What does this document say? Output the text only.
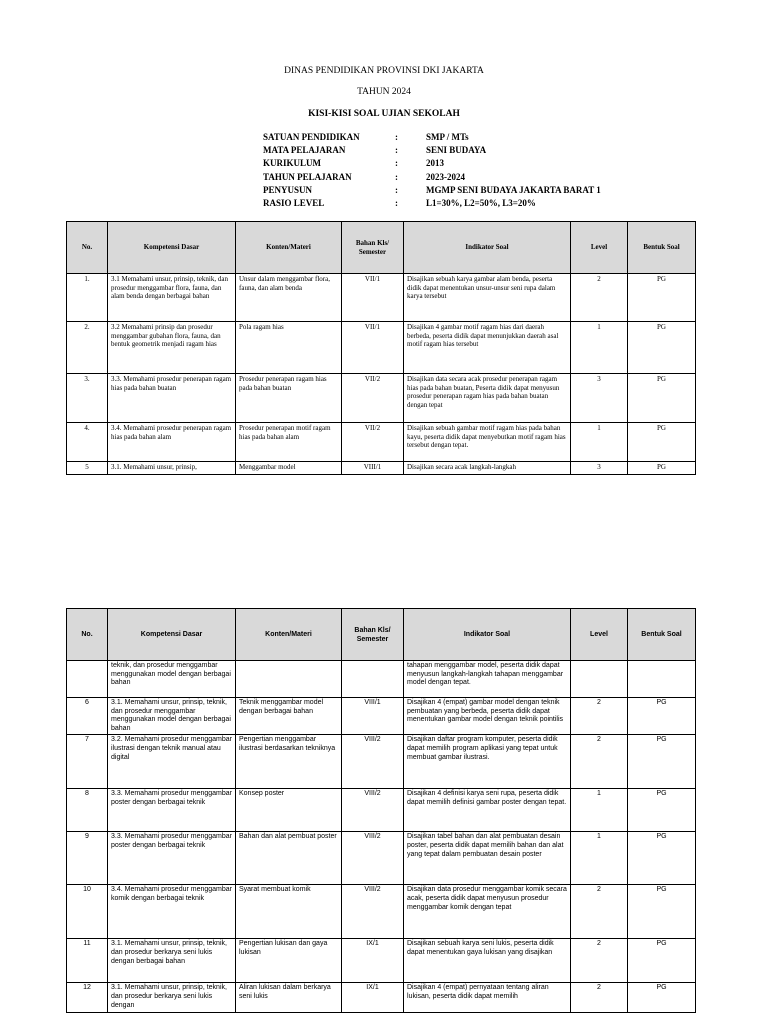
DINAS PENDIDIKAN PROVINSI DKI JAKARTA
TAHUN 2024
KISI-KISI SOAL UJIAN SEKOLAH
SATUAN PENDIDIKAN	:	SMP / MTs
MATA PELAJARAN	:	SENI BUDAYA
KURIKULUM	:	2013
TAHUN PELAJARAN	:	2023-2024
PENYUSUN	:	MGMP SENI BUDAYA JAKARTA BARAT 1
RASIO LEVEL	:	L1=30%, L2=50%, L3=20%
No.	Kompetensi Dasar	Konten/Materi	Bahan Kls/ Semester	Indikator Soal	Level	Bentuk Soal
1.	3.1 Memahami unsur, prinsip, teknik, dan prosedur menggambar flora, fauna, dan alam benda dengan berbagai bahan	Unsur dalam menggambar flora, fauna, dan alam benda	VII/1	Disajikan sebuah karya gambar alam benda, peserta didik dapat menentukan unsur-unsur seni rupa dalam karya tersebut	2	PG
2.	3.2 Memahami prinsip dan prosedur menggambar gubahan flora, fauna, dan bentuk geometrik menjadi ragam hias	Pola ragam hias	VII/1	Disajikan 4 gambar motif ragam hias dari daerah berbeda, peserta didik dapat menunjukkan daerah asal motif ragam hias tersebut	1	PG
3.	3.3. Memahami prosedur penerapan ragam hias pada bahan buatan	Prosedur penerapan ragam hias pada bahan buatan	VII/2	Disajikan data secara acak prosedur penerapan ragam hias pada bahan buatan, Peserta didik dapat menyusun prosedur penerapan ragam hias pada bahan buatan dengan tepat	3	PG
4.	3.4. Memahami prosedur penerapan ragam hias pada bahan alam	Prosedur penerapan motif ragam hias pada bahan alam	VII/2	Disajikan sebuah gambar motif ragam hias pada bahan kayu, peserta didik dapat menyebutkan motif ragam hias tersebut dengan tepat.	1	PG
5	3.1. Memahami unsur, prinsip,	Menggambar model	VIII/1	Disajikan secara acak langkah-langkah	3	PG
No.	Kompetensi Dasar	Konten/Materi	Bahan Kls/ Semester	Indikator Soal	Level	Bentuk Soal
	teknik, dan prosedur menggambar menggunakan model dengan berbagai bahan			tahapan menggambar model, peserta didik dapat menyusun langkah-langkah tahapan menggambar model dengan tepat.		
6	3.1. Memahami unsur, prinsip, teknik, dan prosedur menggambar menggunakan model dengan berbagai bahan	Teknik menggambar model dengan berbagai bahan	VIII/1	Disajikan 4 (empat) gambar model dengan teknik pembuatan yang berbeda, peserta didik dapat menentukan gambar model dengan teknik pointilis	2	PG
7	3.2. Memahami prosedur menggambar ilustrasi dengan teknik manual atau digital	Pengertian menggambar ilustrasi berdasarkan tekniknya	VIII/2	Disajikan daftar program komputer, peserta didik dapat memilih program aplikasi yang tepat untuk membuat gambar ilustrasi.	2	PG
8	3.3. Memahami prosedur menggambar poster dengan berbagai teknik	Konsep poster	VIII/2	Disajikan 4 definisi karya seni rupa, peserta didik dapat memilih definisi gambar poster dengan tepat.	1	PG
9	3.3. Memahami prosedur menggambar poster dengan berbagai teknik	Bahan dan alat pembuat poster	VIII/2	Disajikan tabel bahan dan alat pembuatan desain poster, peserta didik dapat memilih bahan dan alat yang tepat dalam pembuatan desain poster	1	PG
10	3.4. Memahami prosedur menggambar komik dengan berbagai teknik	Syarat membuat komik	VIII/2	Disajikan data prosedur menggambar komik secara acak, peserta didik dapat menyusun prosedur menggambar komik dengan tepat	2	PG
11	3.1. Memahami unsur, prinsip, teknik, dan prosedur berkarya seni lukis dengan berbagai bahan	Pengertian lukisan dan gaya lukisan	IX/1	Disajikan sebuah karya seni lukis, peserta didik dapat menentukan gaya lukisan yang disajikan	2	PG
12	3.1. Memahami unsur, prinsip, teknik, dan prosedur berkarya seni lukis dengan	Aliran lukisan dalam berkarya seni lukis	IX/1	Disajikan 4 (empat) pernyataan tentang aliran lukisan, peserta didik dapat memilih	2	PG
